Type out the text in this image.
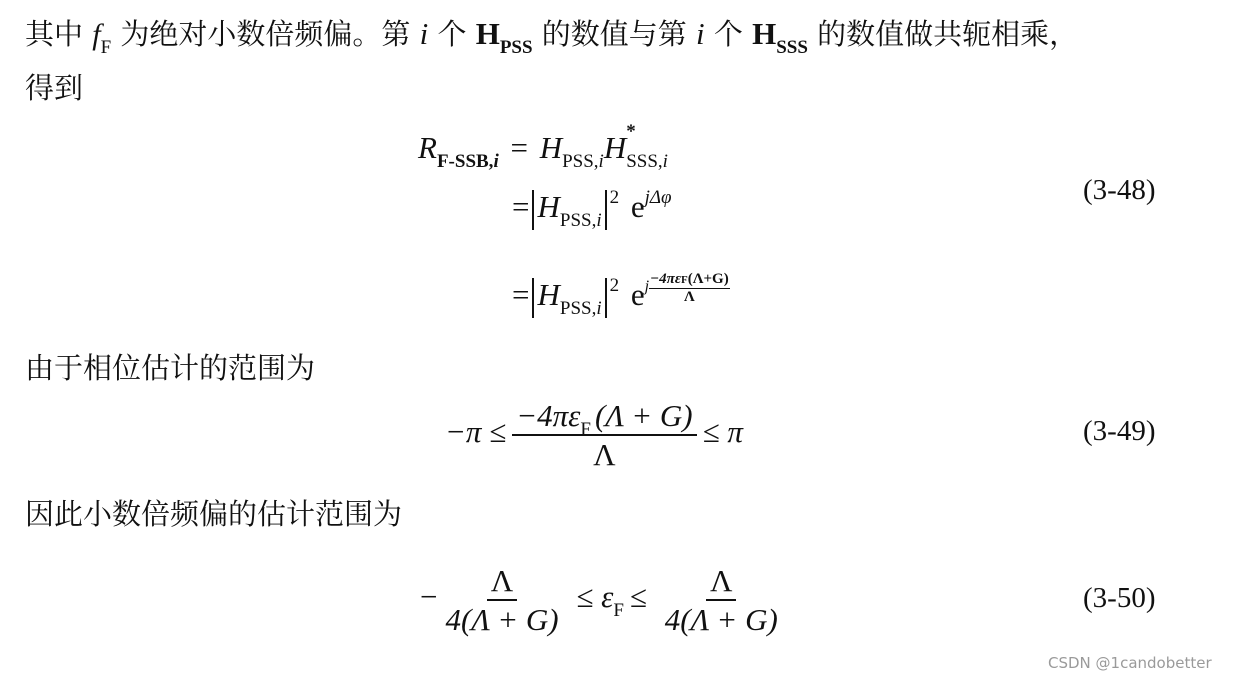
其中 $f_F$ 为绝对小数倍频偏。第 i 个 $H_{PSS}$ 的数值与第 i 个 $H_{SSS}$ 的数值做共轭相乘，
得到
$R_{F-SSB,i} = H_{PSS,i}H$ *
$_{SSS,i}$
= $H_{PSS,i}^2$ $e^{j\Delta\varphi}$	(3-48)
= $H_{PSS,i}^2$ $e^j -4\pi\varepsilon F(\Lambda+G)$
Λ
由于相位估计的范围为
$-\pi \le \frac{-4\pi\varepsilon_F (\Lambda + G)}{\Lambda} \le \pi$	(3-49)
因此小数倍频偏的估计范围为
− $\frac{\Lambda}{4(\Lambda + G)} \le \varepsilon_F \le \frac{\Lambda}{4(\Lambda + G)}$	(3-50)
CSDN @1candobetter
